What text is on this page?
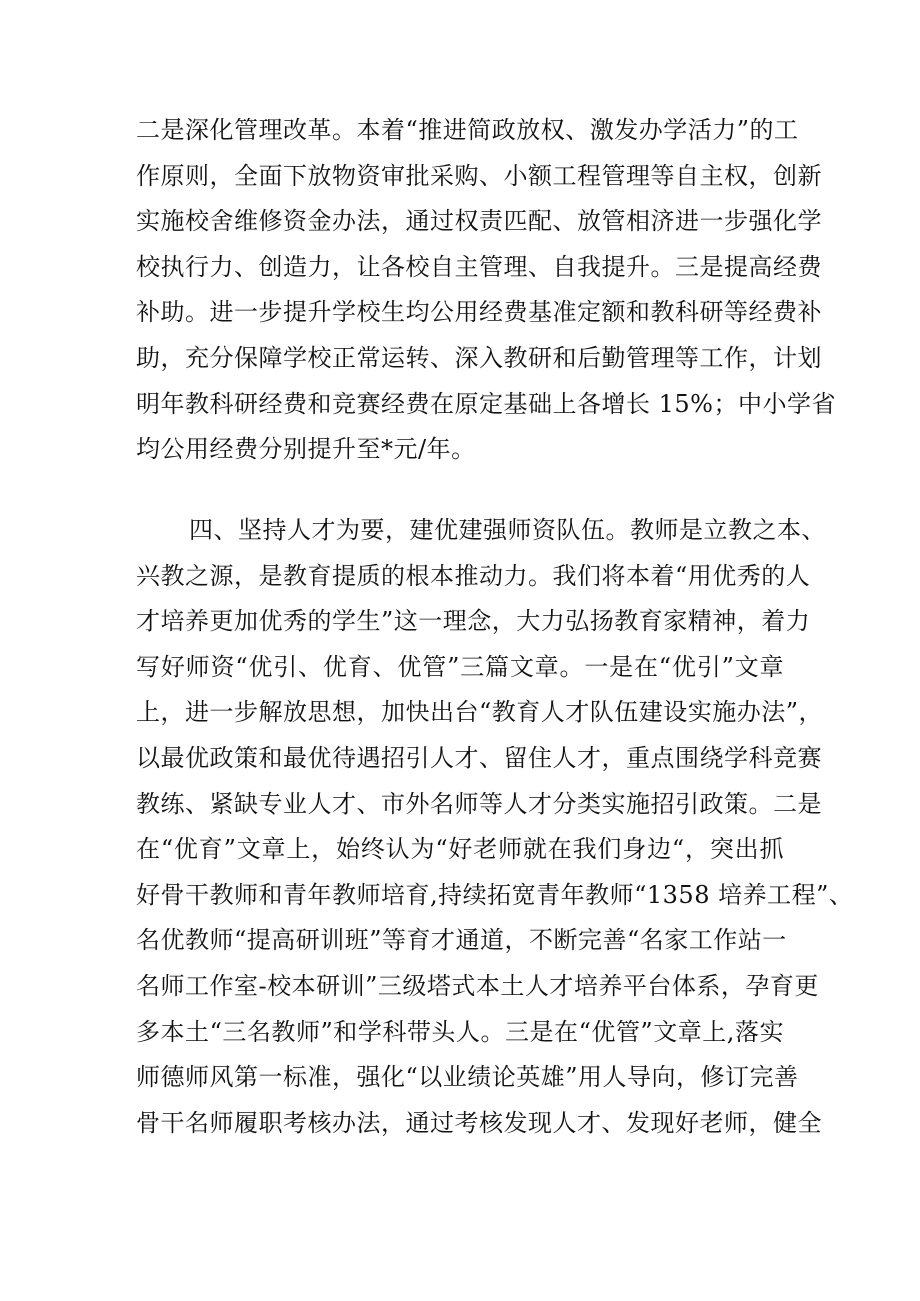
二是深化管理改革。本着“推进简政放权、激发办学活力”的工
作原则，全面下放物资审批采购、小额工程管理等自主权，创新
实施校舍维修资金办法，通过权责匹配、放管相济进一步强化学
校执行力、创造力，让各校自主管理、自我提升。三是提高经费
补助。进一步提升学校生均公用经费基准定额和教科研等经费补
助，充分保障学校正常运转、深入教研和后勤管理等工作，计划
明年教科研经费和竞赛经费在原定基础上各增长 15%；中小学省
均公用经费分别提升至*元/年。
四、坚持人才为要，建优建强师资队伍。教师是立教之本、
兴教之源，是教育提质的根本推动力。我们将本着“用优秀的人
才培养更加优秀的学生”这一理念，大力弘扬教育家精神，着力
写好师资“优引、优育、优管”三篇文章。一是在“优引”文章
上，进一步解放思想，加快出台“教育人才队伍建设实施办法”，
以最优政策和最优待遇招引人才、留住人才，重点围绕学科竞赛
教练、紧缺专业人才、市外名师等人才分类实施招引政策。二是
在“优育”文章上，始终认为“好老师就在我们身边“，突出抓
好骨干教师和青年教师培育,持续拓宽青年教师“1358 培养工程”、
名优教师“提高研训班”等育才通道，不断完善“名家工作站一
名师工作室-校本研训”三级塔式本土人才培养平台体系，孕育更
多本土“三名教师”和学科带头人。三是在“优管”文章上,落实
师德师风第一标准，强化“以业绩论英雄”用人导向，修订完善
骨干名师履职考核办法，通过考核发现人才、发现好老师，健全
